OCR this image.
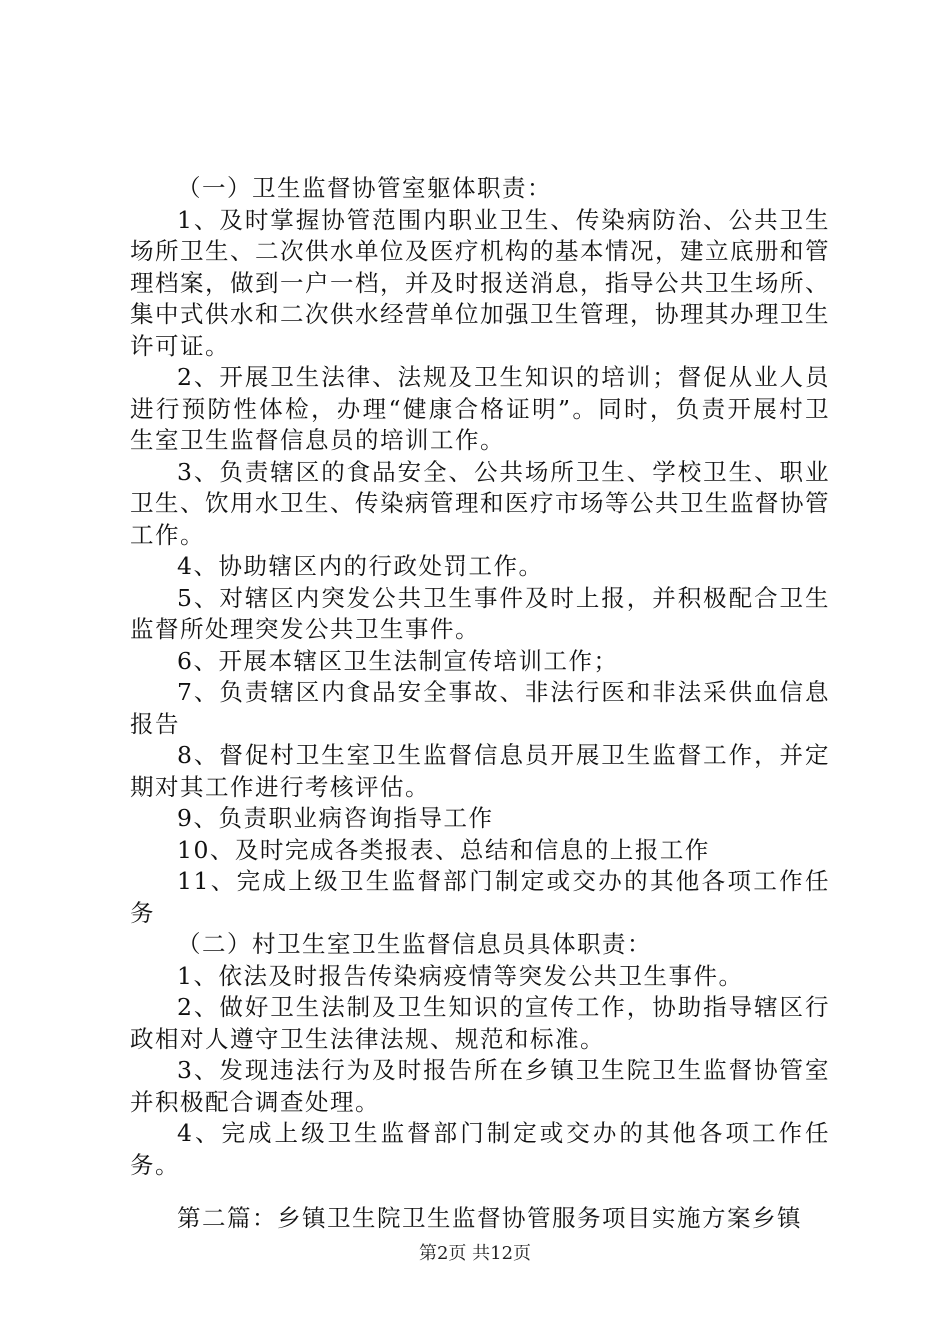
（一）卫生监督协管室躯体职责：

1、及时掌握协管范围内职业卫生、传染病防治、公共卫生场所卫生、二次供水单位及医疗机构的基本情况，建立底册和管理档案，做到一户一档，并及时报送消息，指导公共卫生场所、集中式供水和二次供水经营单位加强卫生管理，协理其办理卫生许可证。

2、开展卫生法律、法规及卫生知识的培训；督促从业人员进行预防性体检，办理“健康合格证明”。同时，负责开展村卫生室卫生监督信息员的培训工作。

3、负责辖区的食品安全、公共场所卫生、学校卫生、职业卫生、饮用水卫生、传染病管理和医疗市场等公共卫生监督协管工作。

4、协助辖区内的行政处罚工作。

5、对辖区内突发公共卫生事件及时上报，并积极配合卫生监督所处理突发公共卫生事件。

6、开展本辖区卫生法制宣传培训工作；

7、负责辖区内食品安全事故、非法行医和非法采供血信息报告

8、督促村卫生室卫生监督信息员开展卫生监督工作，并定期对其工作进行考核评估。

9、负责职业病咨询指导工作

10、及时完成各类报表、总结和信息的上报工作

11、完成上级卫生监督部门制定或交办的其他各项工作任务

（二）村卫生室卫生监督信息员具体职责：

1、依法及时报告传染病疫情等突发公共卫生事件。

2、做好卫生法制及卫生知识的宣传工作，协助指导辖区行政相对人遵守卫生法律法规、规范和标准。

3、发现违法行为及时报告所在乡镇卫生院卫生监督协管室并积极配合调查处理。

4、完成上级卫生监督部门制定或交办的其他各项工作任务。

第二篇：乡镇卫生院卫生监督协管服务项目实施方案乡镇

第2页 共12页
